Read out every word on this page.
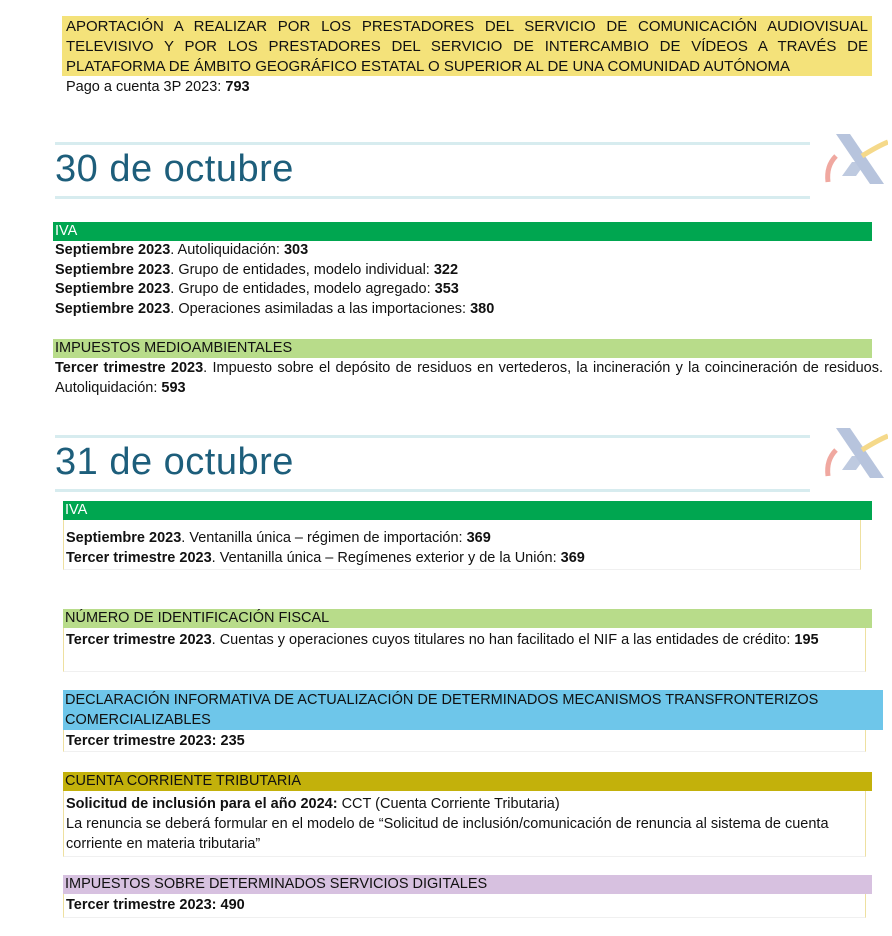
APORTACIÓN A REALIZAR POR LOS PRESTADORES DEL SERVICIO DE COMUNICACIÓN AUDIOVISUAL TELEVISIVO Y POR LOS PRESTADORES DEL SERVICIO DE INTERCAMBIO DE VÍDEOS A TRAVÉS DE PLATAFORMA DE ÁMBITO GEOGRÁFICO ESTATAL O SUPERIOR AL DE UNA COMUNIDAD AUTÓNOMA
Pago a cuenta 3P 2023: 793
30 de octubre
IVA
Septiembre 2023. Autoliquidación: 303
Septiembre 2023. Grupo de entidades, modelo individual: 322
Septiembre 2023. Grupo de entidades, modelo agregado: 353
Septiembre 2023. Operaciones asimiladas a las importaciones: 380
IMPUESTOS MEDIOAMBIENTALES
Tercer trimestre 2023. Impuesto sobre el depósito de residuos en vertederos, la incineración y la coincineración de residuos. Autoliquidación: 593
31 de octubre
IVA
Septiembre 2023. Ventanilla única – régimen de importación: 369
Tercer trimestre 2023. Ventanilla única – Regímenes exterior y de la Unión: 369
NÚMERO DE IDENTIFICACIÓN FISCAL
Tercer trimestre 2023. Cuentas y operaciones cuyos titulares no han facilitado el NIF a las entidades de crédito: 195
DECLARACIÓN INFORMATIVA DE ACTUALIZACIÓN DE DETERMINADOS MECANISMOS TRANSFRONTERIZOS COMERCIALIZABLES
Tercer trimestre 2023: 235
CUENTA CORRIENTE TRIBUTARIA
Solicitud de inclusión para el año 2024: CCT (Cuenta Corriente Tributaria)
La renuncia se deberá formular en el modelo de “Solicitud de inclusión/comunicación de renuncia al sistema de cuenta corriente en materia tributaria”
IMPUESTOS SOBRE DETERMINADOS SERVICIOS DIGITALES
Tercer trimestre 2023: 490
